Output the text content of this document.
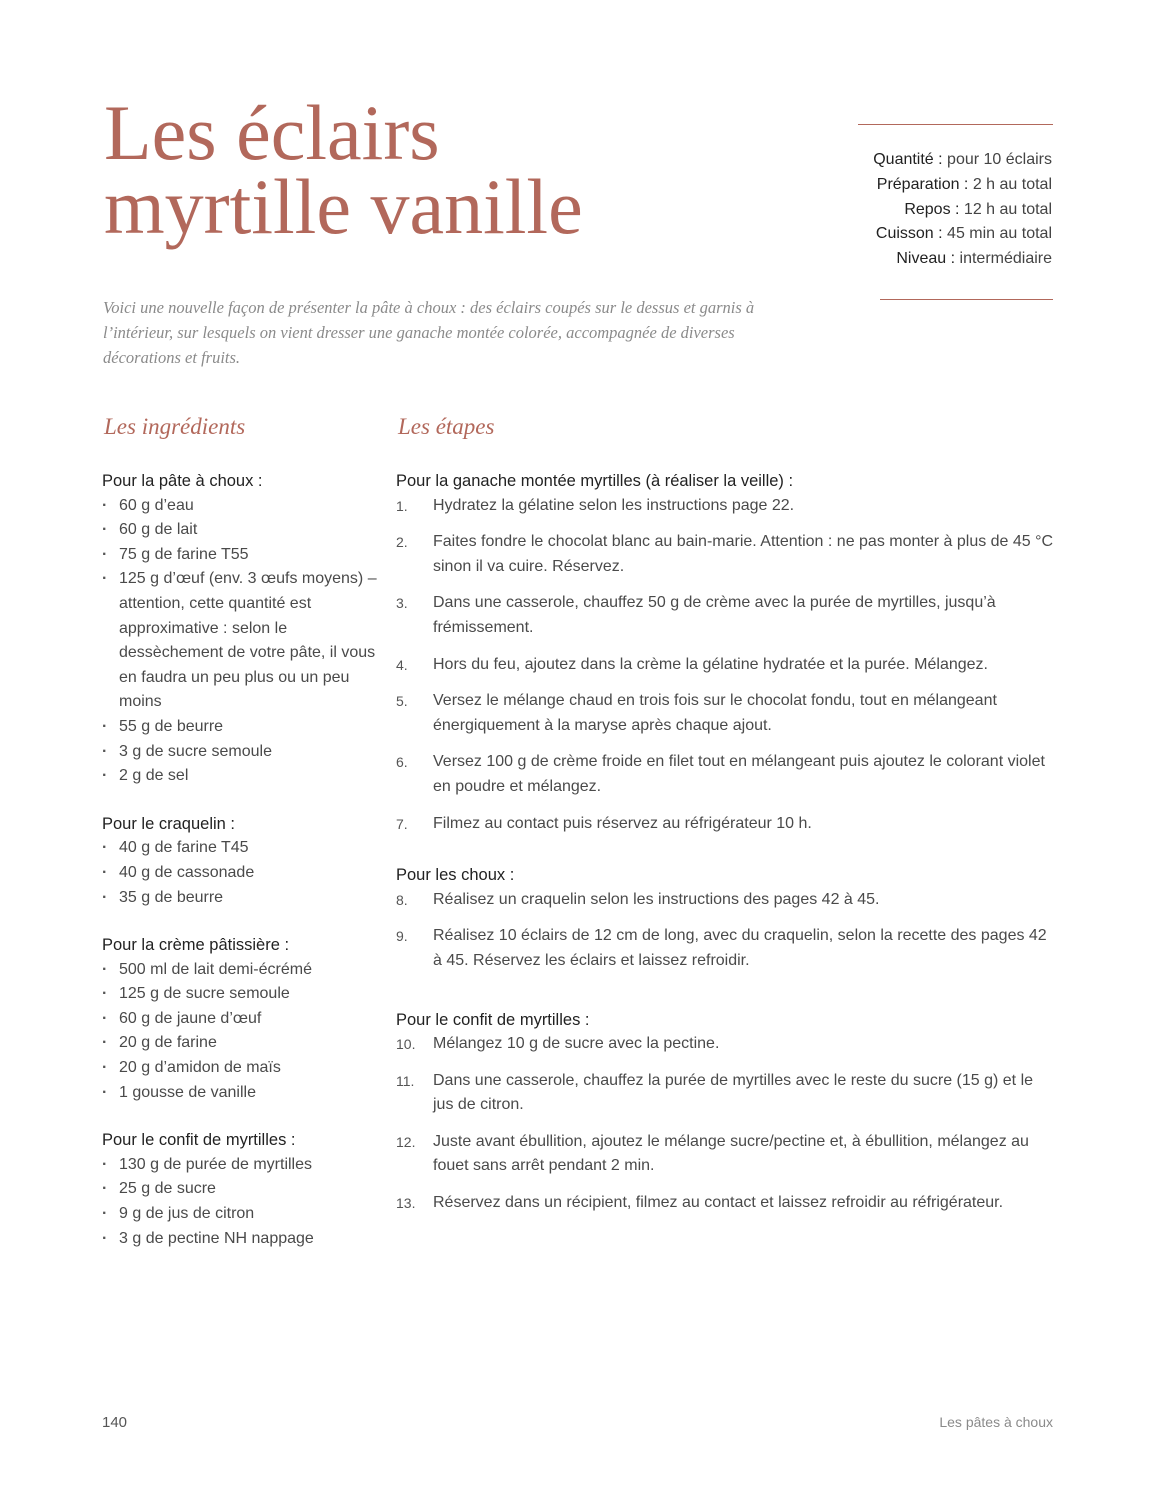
Les éclairs
myrtille vanille
Quantité : pour 10 éclairs
Préparation : 2 h au total
Repos : 12 h au total
Cuisson : 45 min au total
Niveau : intermédiaire

Voici une nouvelle façon de présenter la pâte à choux : des éclairs coupés sur le dessus et garnis à l’intérieur, sur lesquels on vient dresser une ganache montée colorée, accompagnée de diverses décorations et fruits.

Les ingrédients	Les étapes
Pour la pâte à choux :
· 60 g d’eau
· 60 g de lait
· 75 g de farine T55
· 125 g d’œuf (env. 3 œufs moyens) – attention, cette quantité est approximative : selon le dessèchement de votre pâte, il vous en faudra un peu plus ou un peu moins
· 55 g de beurre
· 3 g de sucre semoule
· 2 g de sel
Pour le craquelin :
· 40 g de farine T45
· 40 g de cassonade
· 35 g de beurre
Pour la crème pâtissière :
· 500 ml de lait demi-écrémé
· 125 g de sucre semoule
· 60 g de jaune d’œuf
· 20 g de farine
· 20 g d’amidon de maïs
· 1 gousse de vanille
Pour le confit de myrtilles :
· 130 g de purée de myrtilles
· 25 g de sucre
· 9 g de jus de citron
· 3 g de pectine NH nappage
Pour la ganache montée myrtilles (à réaliser la veille) :
1. Hydratez la gélatine selon les instructions page 22.
2. Faites fondre le chocolat blanc au bain-marie. Attention : ne pas monter à plus de 45 °C sinon il va cuire. Réservez.
3. Dans une casserole, chauffez 50 g de crème avec la purée de myrtilles, jusqu’à frémissement.
4. Hors du feu, ajoutez dans la crème la gélatine hydratée et la purée. Mélangez.
5. Versez le mélange chaud en trois fois sur le chocolat fondu, tout en mélangeant énergiquement à la maryse après chaque ajout.
6. Versez 100 g de crème froide en filet tout en mélangeant puis ajoutez le colorant violet en poudre et mélangez.
7. Filmez au contact puis réservez au réfrigérateur 10 h.
Pour les choux :
8. Réalisez un craquelin selon les instructions des pages 42 à 45.
9. Réalisez 10 éclairs de 12 cm de long, avec du craquelin, selon la recette des pages 42 à 45. Réservez les éclairs et laissez refroidir.
Pour le confit de myrtilles :
10. Mélangez 10 g de sucre avec la pectine.
11. Dans une casserole, chauffez la purée de myrtilles avec le reste du sucre (15 g) et le jus de citron.
12. Juste avant ébullition, ajoutez le mélange sucre/pectine et, à ébullition, mélangez au fouet sans arrêt pendant 2 min.
13. Réservez dans un récipient, filmez au contact et laissez refroidir au réfrigérateur.
140	Les pâtes à choux
